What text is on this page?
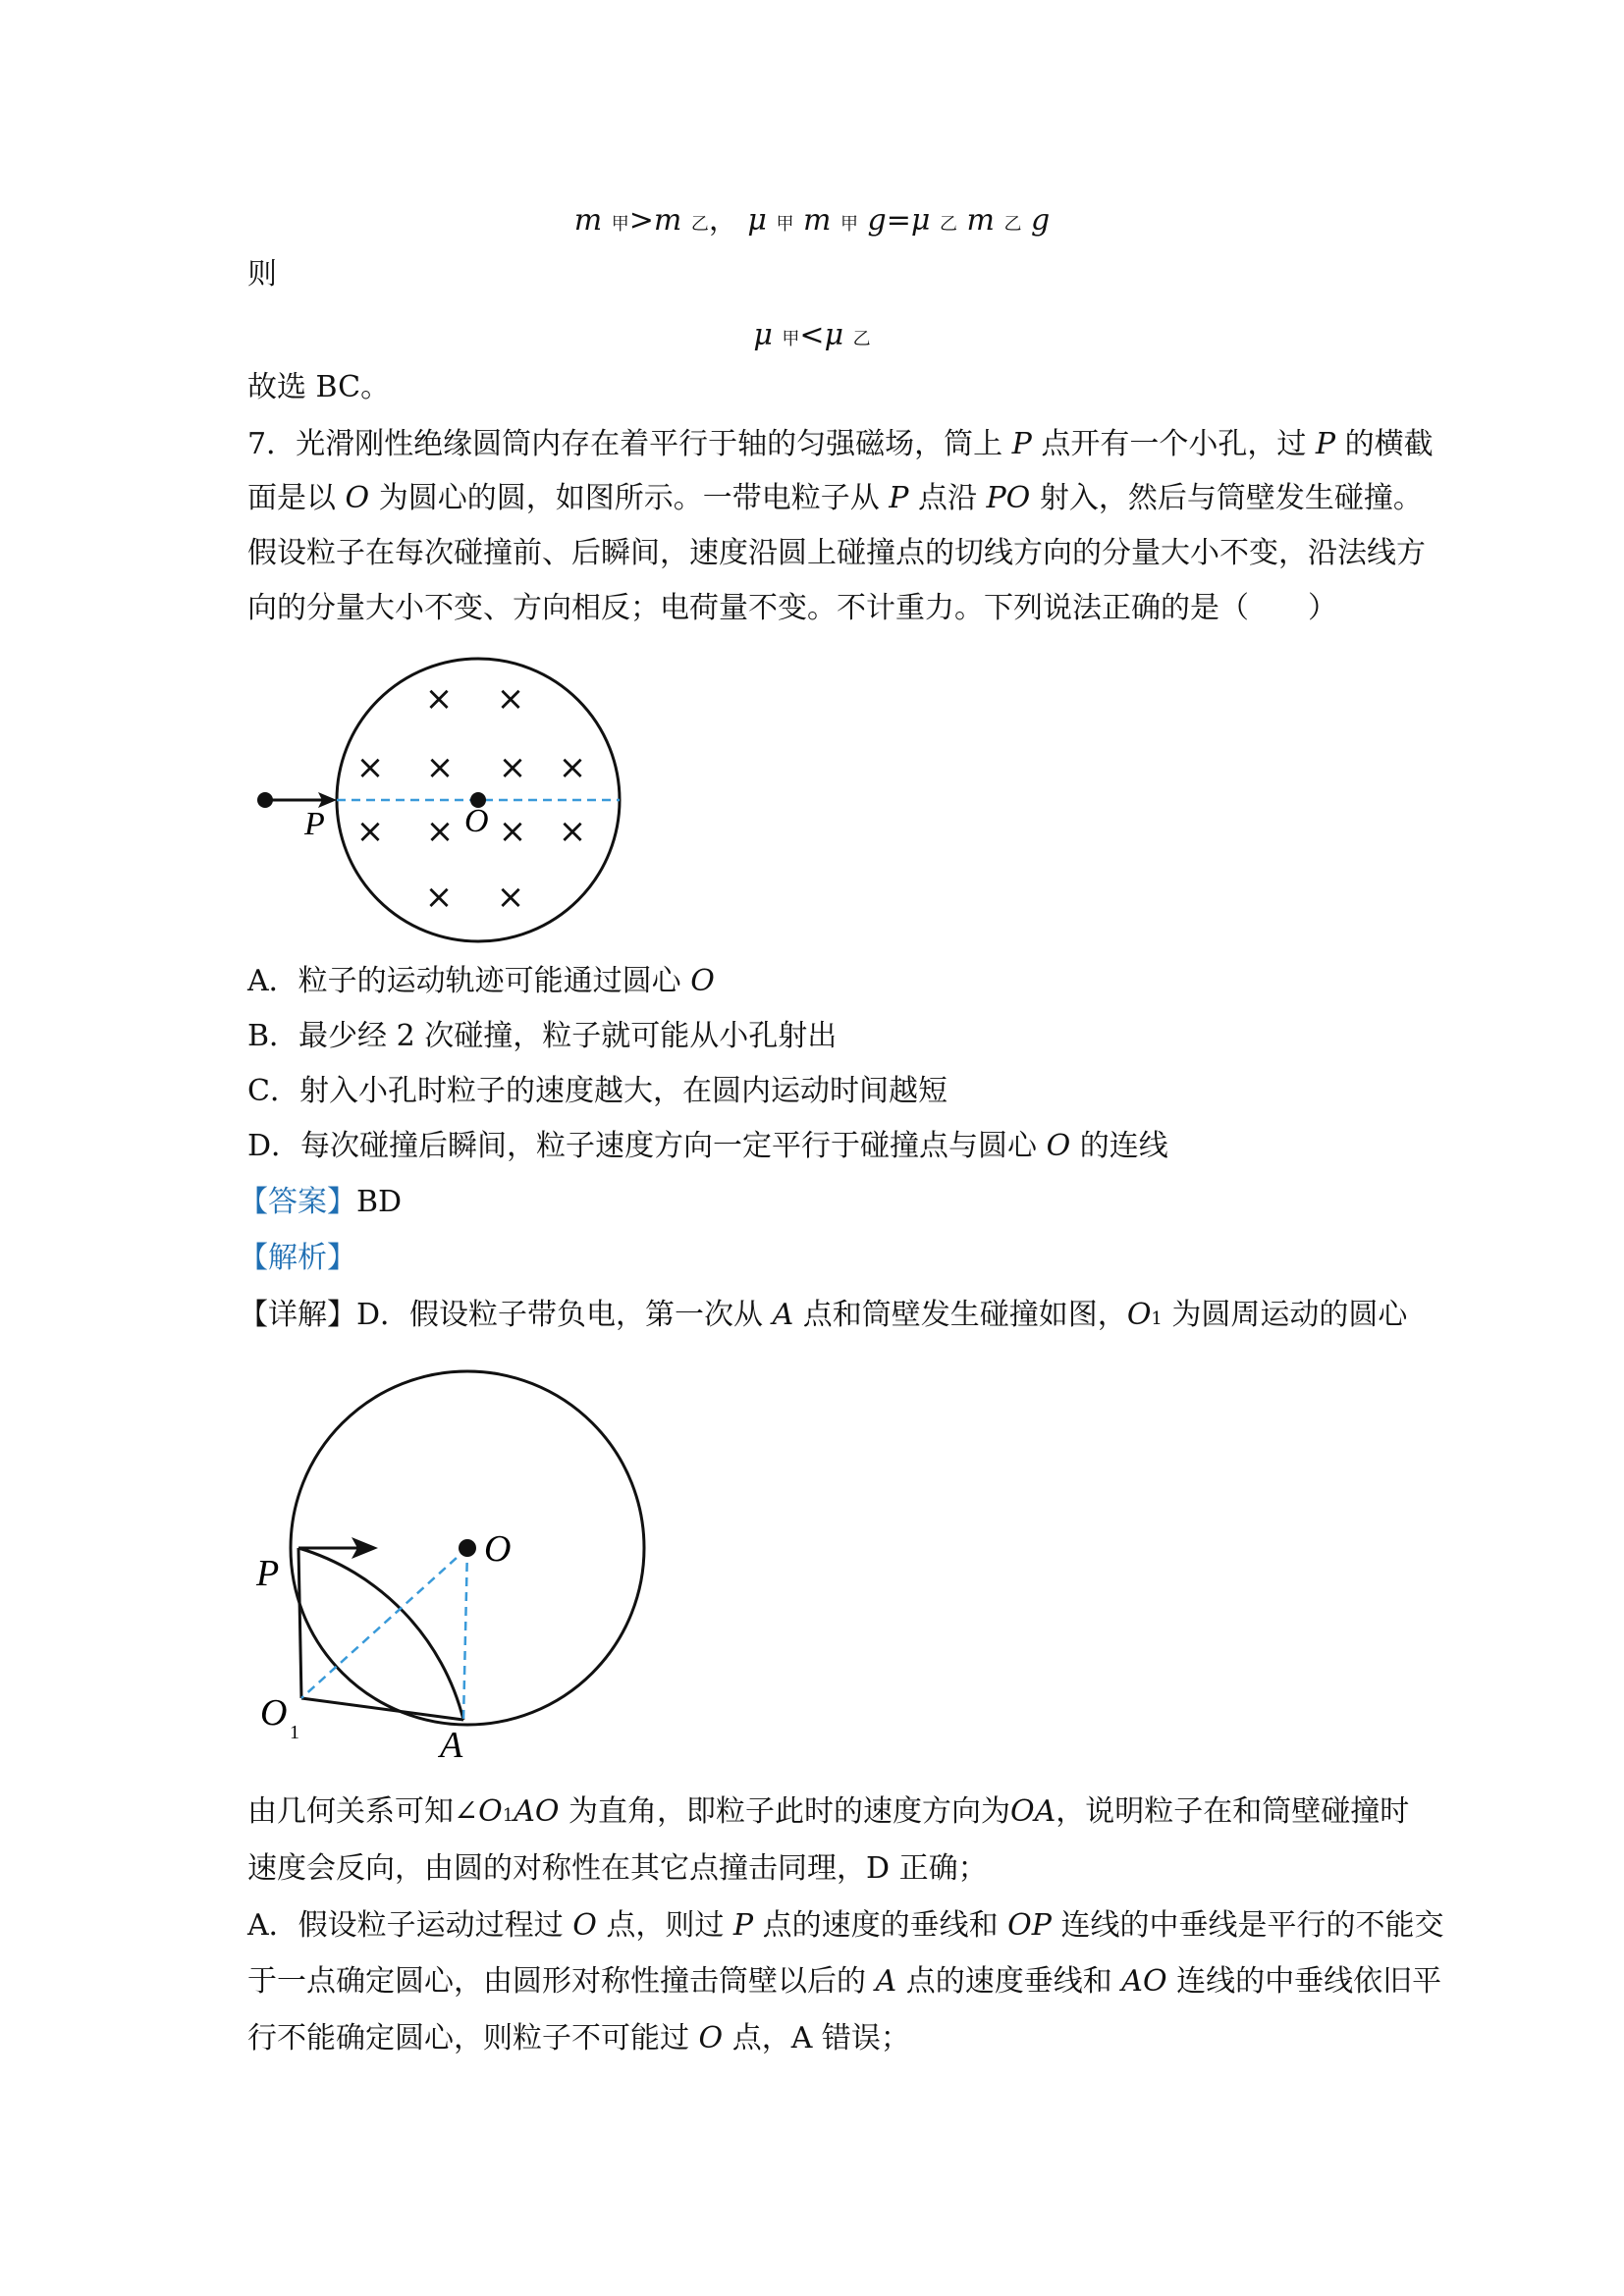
m 甲>m 乙， μ 甲 m 甲 g=μ 乙 m 乙 g
则
μ 甲<μ 乙
故选 BC。
7．光滑刚性绝缘圆筒内存在着平行于轴的匀强磁场，筒上 P 点开有一个小孔，过 P 的横截
面是以 O 为圆心的圆，如图所示。一带电粒子从 P 点沿 PO 射入，然后与筒壁发生碰撞。
假设粒子在每次碰撞前、后瞬间，速度沿圆上碰撞点的切线方向的分量大小不变，沿法线方
向的分量大小不变、方向相反；电荷量不变。不计重力。下列说法正确的是（　　）
P	O
× ×
× × × ×
× × × ×
× ×
A．粒子的运动轨迹可能通过圆心 O
B．最少经 2 次碰撞，粒子就可能从小孔射出
C．射入小孔时粒子的速度越大，在圆内运动时间越短
D．每次碰撞后瞬间，粒子速度方向一定平行于碰撞点与圆心 O 的连线
【答案】BD
【解析】
【详解】D．假设粒子带负电，第一次从 A 点和筒壁发生碰撞如图，O1 为圆周运动的圆心
P
O
O 1	A
由几何关系可知∠O1AO 为直角，即粒子此时的速度方向为OA，说明粒子在和筒壁碰撞时
速度会反向，由圆的对称性在其它点撞击同理，D 正确；
A．假设粒子运动过程过 O 点，则过 P 点的速度的垂线和 OP 连线的中垂线是平行的不能交
于一点确定圆心，由圆形对称性撞击筒壁以后的 A 点的速度垂线和 AO 连线的中垂线依旧平
行不能确定圆心，则粒子不可能过 O 点，A 错误；
